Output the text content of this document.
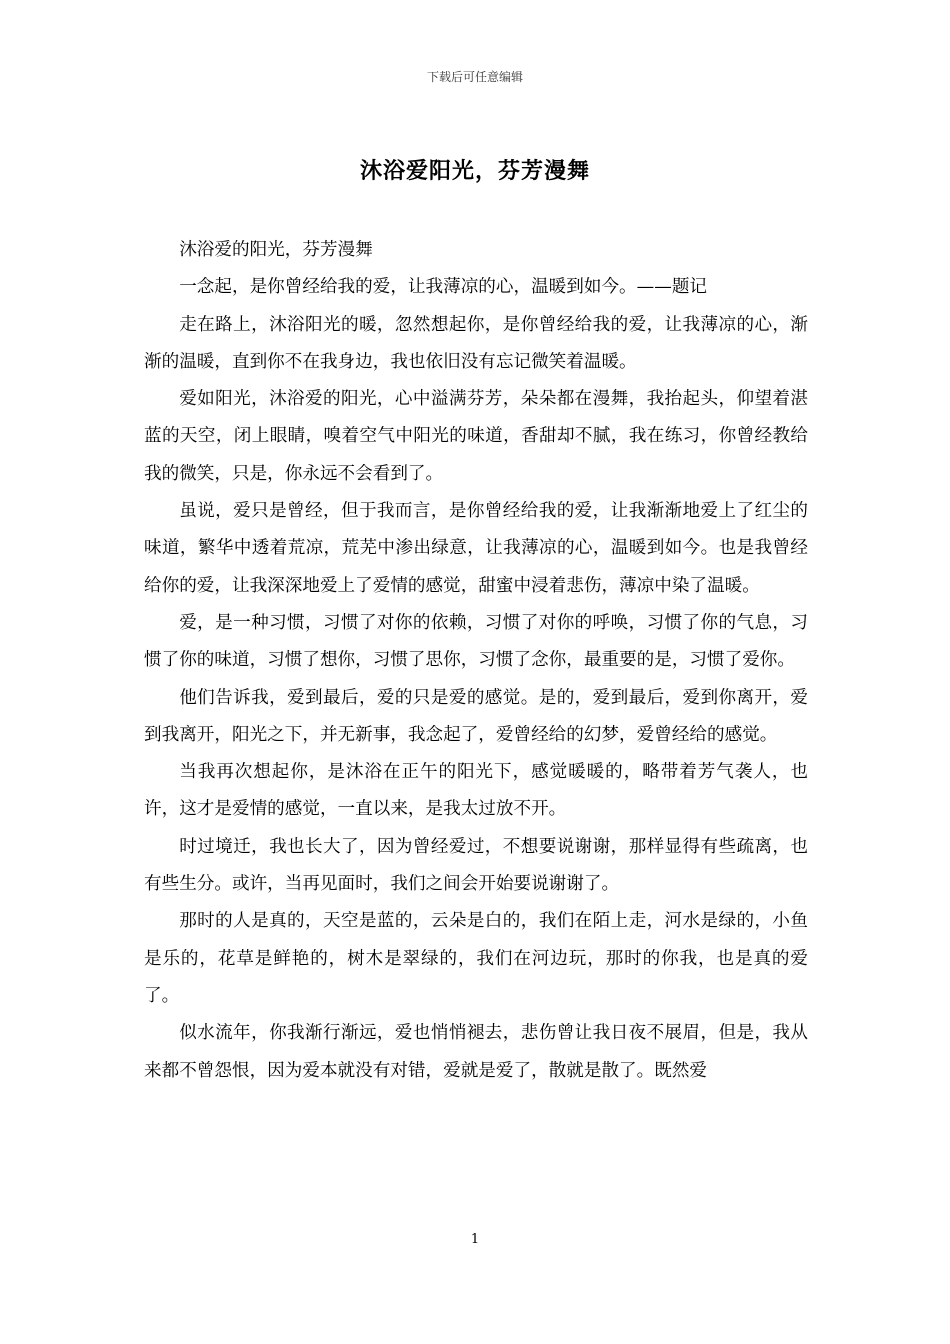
下载后可任意编辑
沐浴爱阳光，芬芳漫舞

沐浴爱的阳光，芬芳漫舞

一念起，是你曾经给我的爱，让我薄凉的心，温暖到如今。——题记

走在路上，沐浴阳光的暖，忽然想起你，是你曾经给我的爱，让我薄凉的心，渐渐的温暖，直到你不在我身边，我也依旧没有忘记微笑着温暖。

爱如阳光，沐浴爱的阳光，心中溢满芬芳，朵朵都在漫舞，我抬起头，仰望着湛蓝的天空，闭上眼睛，嗅着空气中阳光的味道，香甜却不腻，我在练习，你曾经教给我的微笑，只是，你永远不会看到了。

虽说，爱只是曾经，但于我而言，是你曾经给我的爱，让我渐渐地爱上了红尘的味道，繁华中透着荒凉，荒芜中渗出绿意，让我薄凉的心，温暖到如今。也是我曾经给你的爱，让我深深地爱上了爱情的感觉，甜蜜中浸着悲伤，薄凉中染了温暖。

爱，是一种习惯，习惯了对你的依赖，习惯了对你的呼唤，习惯了你的气息，习惯了你的味道，习惯了想你，习惯了思你，习惯了念你，最重要的是，习惯了爱你。

他们告诉我，爱到最后，爱的只是爱的感觉。是的，爱到最后，爱到你离开，爱到我离开，阳光之下，并无新事，我念起了，爱曾经给的幻梦，爱曾经给的感觉。

当我再次想起你，是沐浴在正午的阳光下，感觉暖暖的，略带着芳气袭人，也许，这才是爱情的感觉，一直以来，是我太过放不开。

时过境迁，我也长大了，因为曾经爱过，不想要说谢谢，那样显得有些疏离，也有些生分。或许，当再见面时，我们之间会开始要说谢谢了。

那时的人是真的，天空是蓝的，云朵是白的，我们在陌上走，河水是绿的，小鱼是乐的，花草是鲜艳的，树木是翠绿的，我们在河边玩，那时的你我，也是真的爱了。

似水流年，你我渐行渐远，爱也悄悄褪去，悲伤曾让我日夜不展眉，但是，我从来都不曾怨恨，因为爱本就没有对错，爱就是爱了，散就是散了。既然爱

1
